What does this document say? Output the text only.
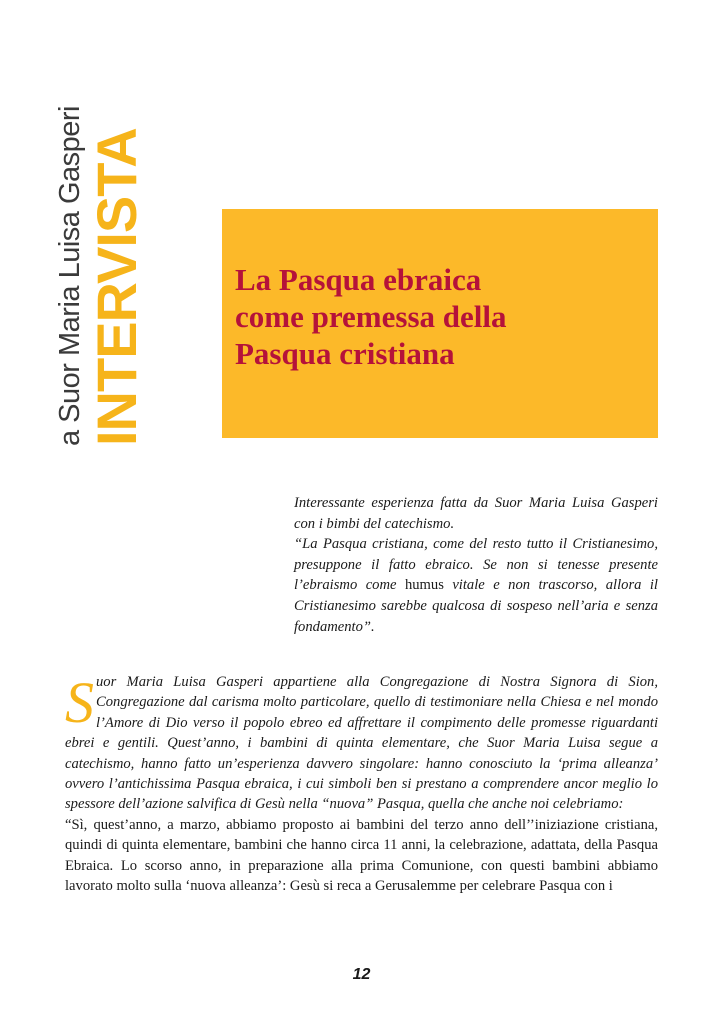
INTERVISTA
a Suor Maria Luisa Gasperi	La Pasqua ebraica
come premessa della
Pasqua cristiana

Interessante esperienza fatta da Suor Maria Luisa Gasperi con i bimbi del catechismo.

“La Pasqua cristiana, come del resto tutto il Cristianesimo, presuppone il fatto ebraico. Se non si tenesse presente l’ebraismo come humus vitale e non trascorso, allora il Cristianesimo sarebbe qualcosa di sospeso nell’aria e senza fondamento”.

Suor Maria Luisa Gasperi appartiene alla Congregazione di Nostra Signora di Sion, Congregazione dal carisma molto particolare, quello di testimoniare nella Chiesa e nel mondo l’Amore di Dio verso il popolo ebreo ed affrettare il compimento delle promesse riguardanti ebrei e gentili. Quest’anno, i bambini di quinta elementare, che Suor Maria Luisa segue a catechismo, hanno fatto un’esperienza davvero singolare: hanno conosciuto la ‘prima alleanza’ ovvero l’antichissima Pasqua ebraica, i cui simboli ben si prestano a comprendere ancor meglio lo spessore dell’azione salvifica di Gesù nella “nuova” Pasqua, quella che anche noi celebriamo:

“Sì, quest’anno, a marzo, abbiamo proposto ai bambini del terzo anno dell’’iniziazione cristiana, quindi di quinta elementare, bambini che hanno circa 11 anni, la celebrazione, adattata, della Pasqua Ebraica. Lo scorso anno, in preparazione alla prima Comunione, con questi bambini abbiamo lavorato molto sulla ‘nuova alleanza’: Gesù si reca a Gerusalemme per celebrare Pasqua con i

12
